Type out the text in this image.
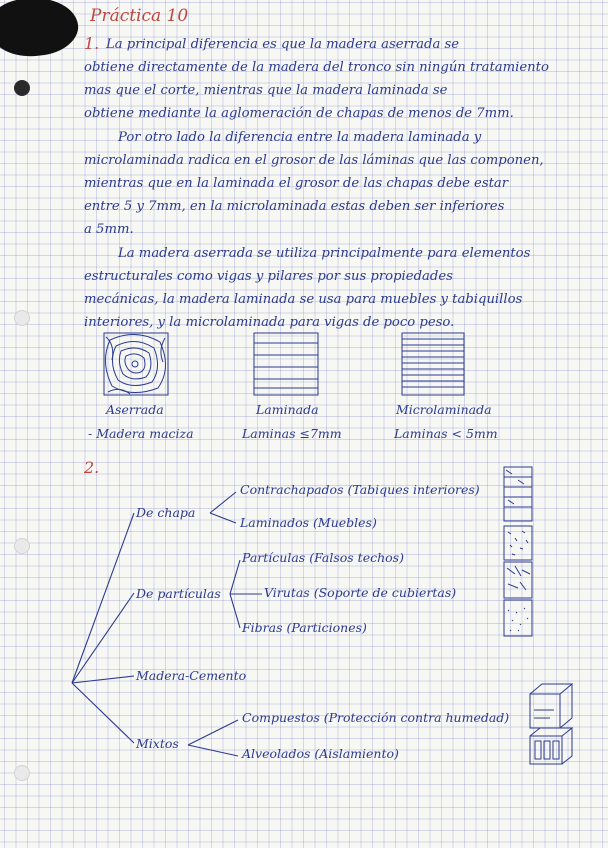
Práctica 10
1. La principal diferencia es que la madera aserrada se
obtiene directamente de la madera del tronco sin ningún tratamiento
mas que el corte, mientras que la madera laminada se
obtiene mediante la aglomeración de chapas de menos de 7mm.
Por otro lado la diferencia entre la madera laminada y
microlaminada radica en el grosor de las láminas que las componen,
mientras que en la laminada el grosor de las chapas debe estar
entre 5 y 7mm, en la microlaminada estas deben ser inferiores
a 5mm.
La madera aserrada se utiliza principalmente para elementos
estructurales como vigas y pilares por sus propiedades
mecánicas, la madera laminada se usa para muebles y tabiquillos
interiores, y la microlaminada para vigas de poco peso.
Aserrada
- Madera maciza
Laminada
Laminas ≤7mm
Microlaminada
Laminas < 5mm
2.
De chapa
Contrachapados (Tabiques interiores)
Laminados (Muebles)
De partículas
Partículas (Falsos techos)
Virutas (Soporte de cubiertas)
Fibras (Particiones)
Madera-Cemento
Mixtos
Compuestos (Protección contra humedad)
Alveolados (Aislamiento)
